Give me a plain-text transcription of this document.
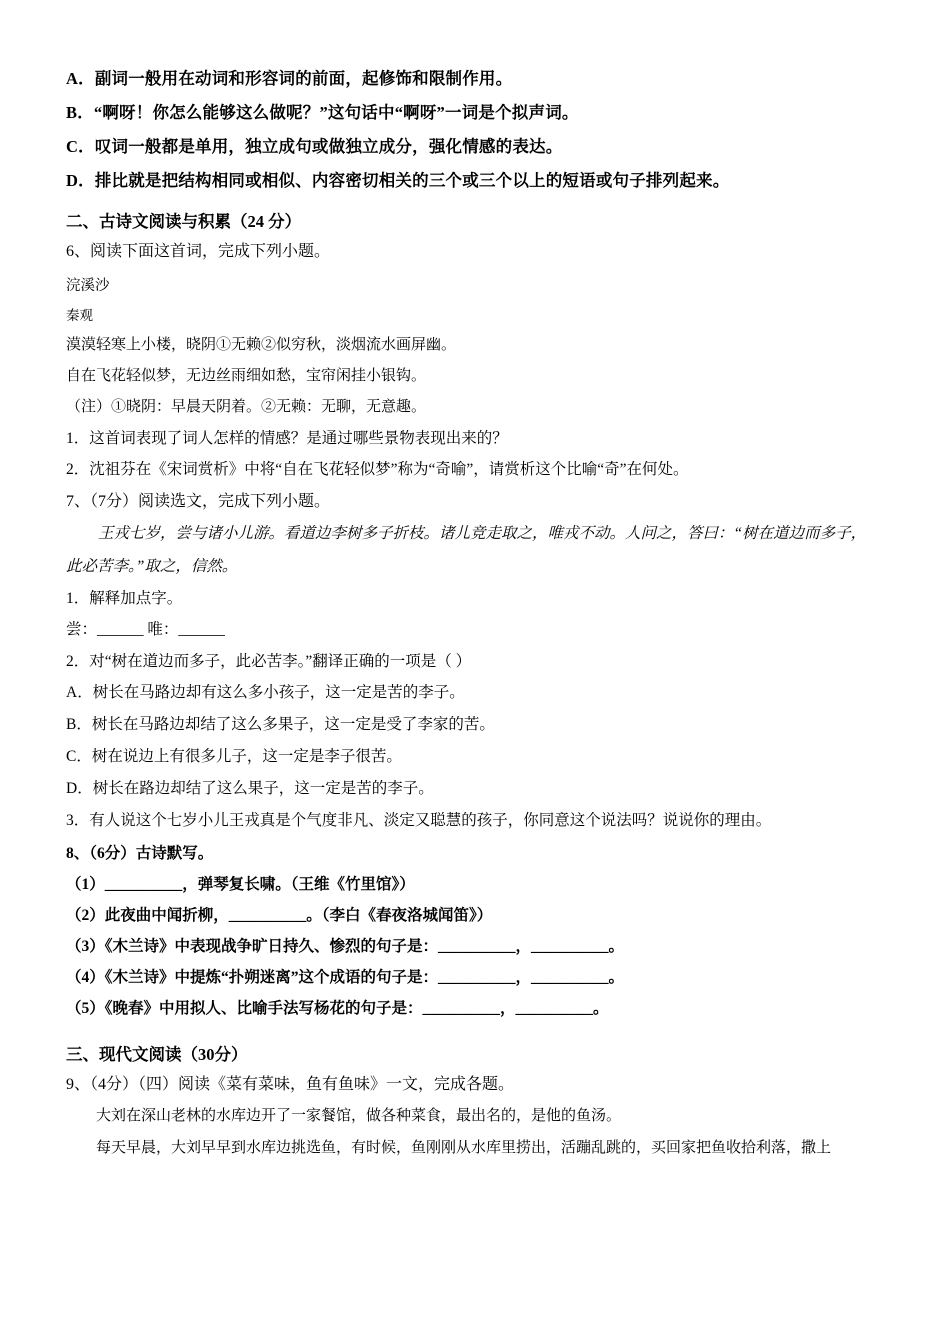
A．副词一般用在动词和形容词的前面，起修饰和限制作用。

B．“啊呀！你怎么能够这么做呢？”这句话中“啊呀”一词是个拟声词。

C．叹词一般都是单用，独立成句或做独立成分，强化情感的表达。

D．排比就是把结构相同或相似、内容密切相关的三个或三个以上的短语或句子排列起来。

二、古诗文阅读与积累（24 分）

6、阅读下面这首词，完成下列小题。

浣溪沙

秦观

漠漠轻寒上小楼，晓阴①无赖②似穷秋，淡烟流水画屏幽。

自在飞花轻似梦，无边丝雨细如愁，宝帘闲挂小银钩。

（注）①晓阴：早晨天阴着。②无赖：无聊，无意趣。

1．这首词表现了词人怎样的情感？是通过哪些景物表现出来的？

2．沈祖芬在《宋词赏析》中将“自在飞花轻似梦”称为“奇喻”，请赏析这个比喻“奇”在何处。

7、（7分）阅读选文，完成下列小题。

王戎七岁，尝与诸小儿游。看道边李树多子折枝。诸儿竞走取之，唯戎不动。人问之，答曰：“树在道边而多子，

此必苦李。”取之，信然。

1．解释加点字。

尝：______ 唯：______

2．对“树在道边而多子，此必苦李。”翻译正确的一项是（ ）

A．树长在马路边却有这么多小孩子，这一定是苦的李子。

B．树长在马路边却结了这么多果子，这一定是受了李家的苦。

C．树在说边上有很多儿子，这一定是李子很苦。

D．树长在路边却结了这么果子，这一定是苦的李子。

3．有人说这个七岁小儿王戎真是个气度非凡、淡定又聪慧的孩子，你同意这个说法吗？说说你的理由。

8、（6分）古诗默写。

（1）__________，弹琴复长啸。（王维《竹里馆》）

（2）此夜曲中闻折柳，__________。（李白《春夜洛城闻笛》）

（3）《木兰诗》中表现战争旷日持久、惨烈的句子是：__________，__________。

（4）《木兰诗》中提炼“扑朔迷离”这个成语的句子是：__________，__________。

（5）《晚春》中用拟人、比喻手法写杨花的句子是：__________，__________。

三、现代文阅读（30分）

9、（4分）（四）阅读《菜有菜味，鱼有鱼味》一文，完成各题。

大刘在深山老林的水库边开了一家餐馆，做各种菜食，最出名的，是他的鱼汤。

每天早晨，大刘早早到水库边挑选鱼，有时候，鱼刚刚从水库里捞出，活蹦乱跳的，买回家把鱼收拾利落，撒上
